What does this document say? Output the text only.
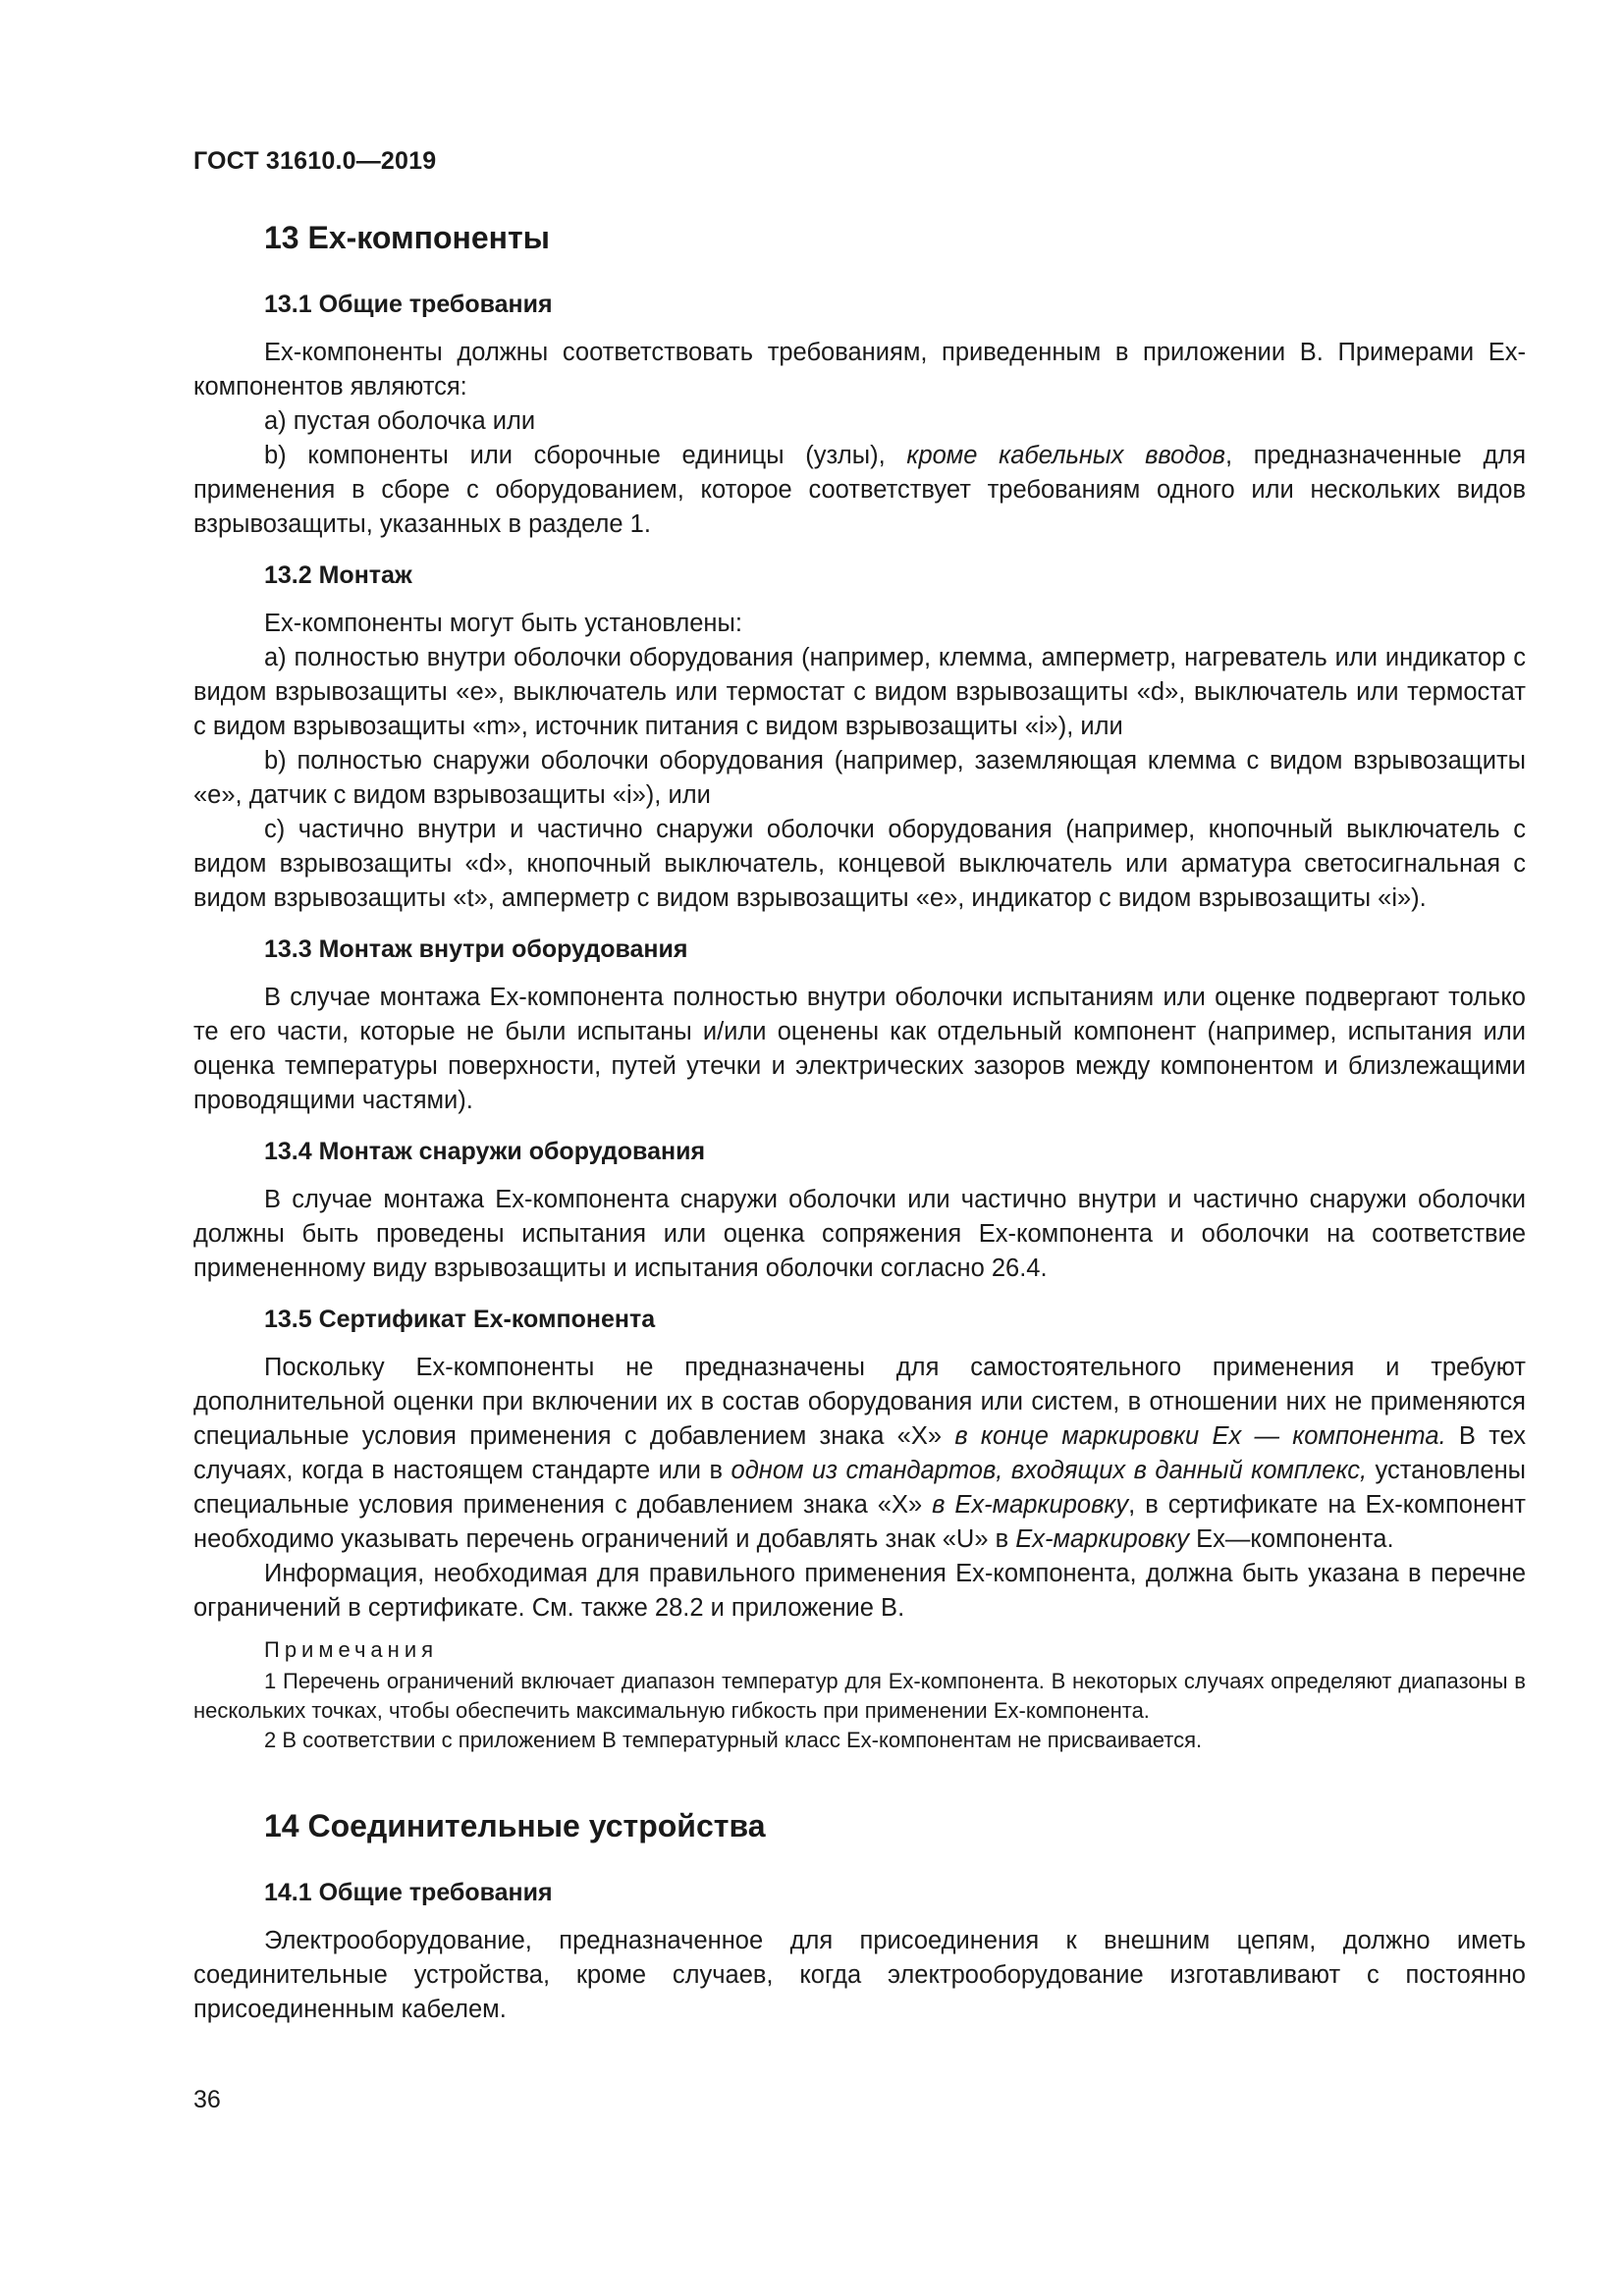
ГОСТ 31610.0—2019
13 Ex-компоненты
13.1 Общие требования

Ex-компоненты должны соответствовать требованиям, приведенным в приложении В. Примерами Ex-компонентов являются:

а) пустая оболочка или

b) компоненты или сборочные единицы (узлы), кроме кабельных вводов, предназначенные для применения в сборе с оборудованием, которое соответствует требованиям одного или нескольких видов взрывозащиты, указанных в разделе 1.

13.2 Монтаж

Ex-компоненты могут быть установлены:

а) полностью внутри оболочки оборудования (например, клемма, амперметр, нагреватель или индикатор с видом взрывозащиты «е», выключатель или термостат с видом взрывозащиты «d», выключатель или термостат с видом взрывозащиты «m», источник питания с видом взрывозащиты «i»), или

b) полностью снаружи оболочки оборудования (например, заземляющая клемма с видом взрывозащиты «е», датчик с видом взрывозащиты «i»), или

с) частично внутри и частично снаружи оболочки оборудования (например, кнопочный выключатель с видом взрывозащиты «d», кнопочный выключатель, концевой выключатель или арматура светосигнальная с видом взрывозащиты «t», амперметр с видом взрывозащиты «е», индикатор с видом взрывозащиты «i»).

13.3 Монтаж внутри оборудования

В случае монтажа Ex-компонента полностью внутри оболочки испытаниям или оценке подвергают только те его части, которые не были испытаны и/или оценены как отдельный компонент (например, испытания или оценка температуры поверхности, путей утечки и электрических зазоров между компонентом и близлежащими проводящими частями).

13.4 Монтаж снаружи оборудования

В случае монтажа Ex-компонента снаружи оболочки или частично внутри и частично снаружи оболочки должны быть проведены испытания или оценка сопряжения Ex-компонента и оболочки на соответствие примененному виду взрывозащиты и испытания оболочки согласно 26.4.

13.5 Сертификат Ex-компонента

Поскольку Ex-компоненты не предназначены для самостоятельного применения и требуют дополнительной оценки при включении их в состав оборудования или систем, в отношении них не применяются специальные условия применения с добавлением знака «Х» в конце маркировки Ex — компонента. В тех случаях, когда в настоящем стандарте или в одном из стандартов, входящих в данный комплекс, установлены специальные условия применения с добавлением знака «Х» в Ex-маркировку, в сертификате на Ex-компонент необходимо указывать перечень ограничений и добавлять знак «U» в Ex-маркировку Ex—компонента.

Информация, необходимая для правильного применения Ex-компонента, должна быть указана в перечне ограничений в сертификате. См. также 28.2 и приложение В.

Примечания

1 Перечень ограничений включает диапазон температур для Ex-компонента. В некоторых случаях определяют диапазоны в нескольких точках, чтобы обеспечить максимальную гибкость при применении Ex-компонента.

2 В соответствии с приложением В температурный класс Ex-компонентам не присваивается.

14 Соединительные устройства
14.1 Общие требования

Электрооборудование, предназначенное для присоединения к внешним цепям, должно иметь соединительные устройства, кроме случаев, когда электрооборудование изготавливают с постоянно присоединенным кабелем.

36
